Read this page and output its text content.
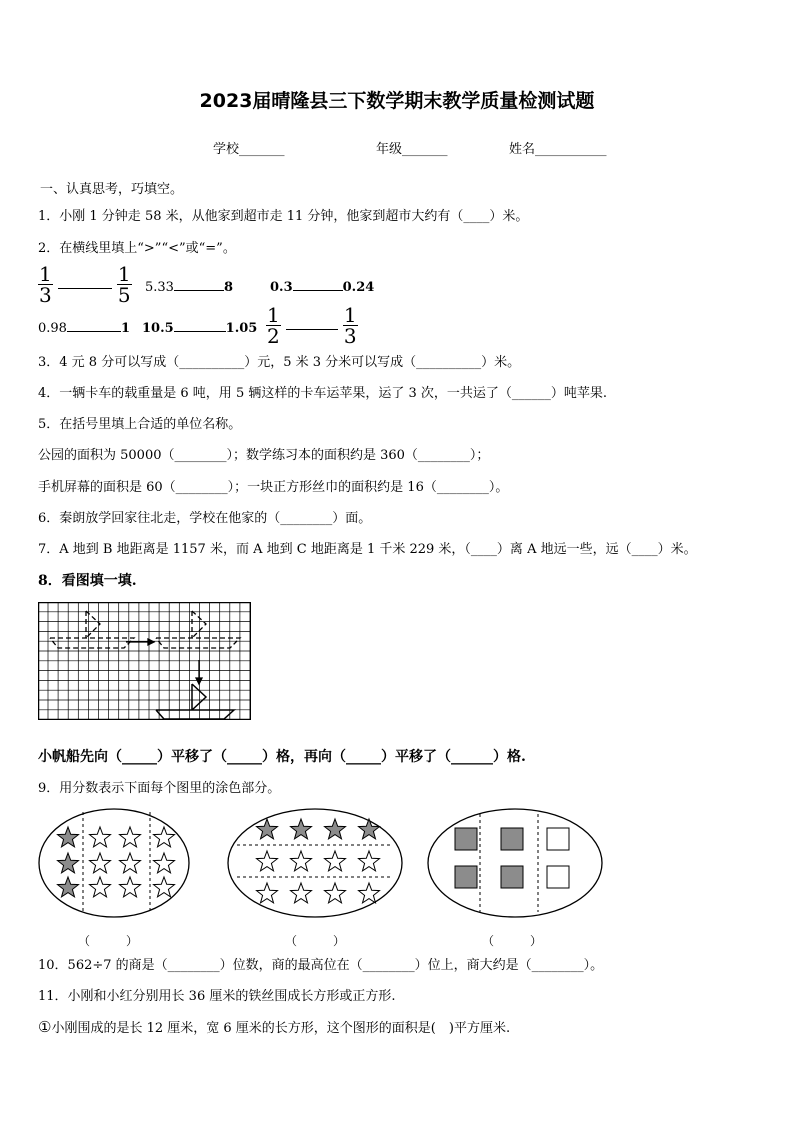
2023届晴隆县三下数学期末教学质量检测试题
学校_______	年级_______	姓名___________
一、认真思考，巧填空。
1．小刚 1 分钟走 58 米，从他家到超市走 11 分钟，他家到超市大约有（____）米。
2．在横线里填上“>”“<”或“=”。
$\frac{1}{3}$
	$\frac{1}{5} 5.33$	8	0.3	0.24
0.98	1 10.5	$1.05 \frac{1}{2}$
	$\frac{1}{3}$
3．4 元 8 分可以写成（__________）元，5 米 3 分米可以写成（__________）米。
4．一辆卡车的载重量是 6 吨，用 5 辆这样的卡车运苹果，运了 3 次，一共运了（______）吨苹果.
5．在括号里填上合适的单位名称。
公园的面积为 50000（________）；数学练习本的面积约是 360（________）；
手机屏幕的面积是 60（________）；一块正方形丝巾的面积约是 16（________）。
6．秦朗放学回家往北走，学校在他家的（________）面。
7．A 地到 B 地距离是 1157 米，而 A 地到 C 地距离是 1 千米 229 米，（____）离 A 地远一些，远（____）米。
8．看图填一填.
小帆船先向（_____）平移了（_____）格，再向（_____）平移了（______）格.
9．用分数表示下面每个图里的涂色部分。
（　　　）	（　　　）	（　　　）
10．562÷7 的商是（________）位数，商的最高位在（________）位上，商大约是（________）。
11．小刚和小红分别用长 36 厘米的铁丝围成长方形或正方形.
①小刚围成的是长 12 厘米，宽 6 厘米的长方形，这个图形的面积是(　)平方厘米.
